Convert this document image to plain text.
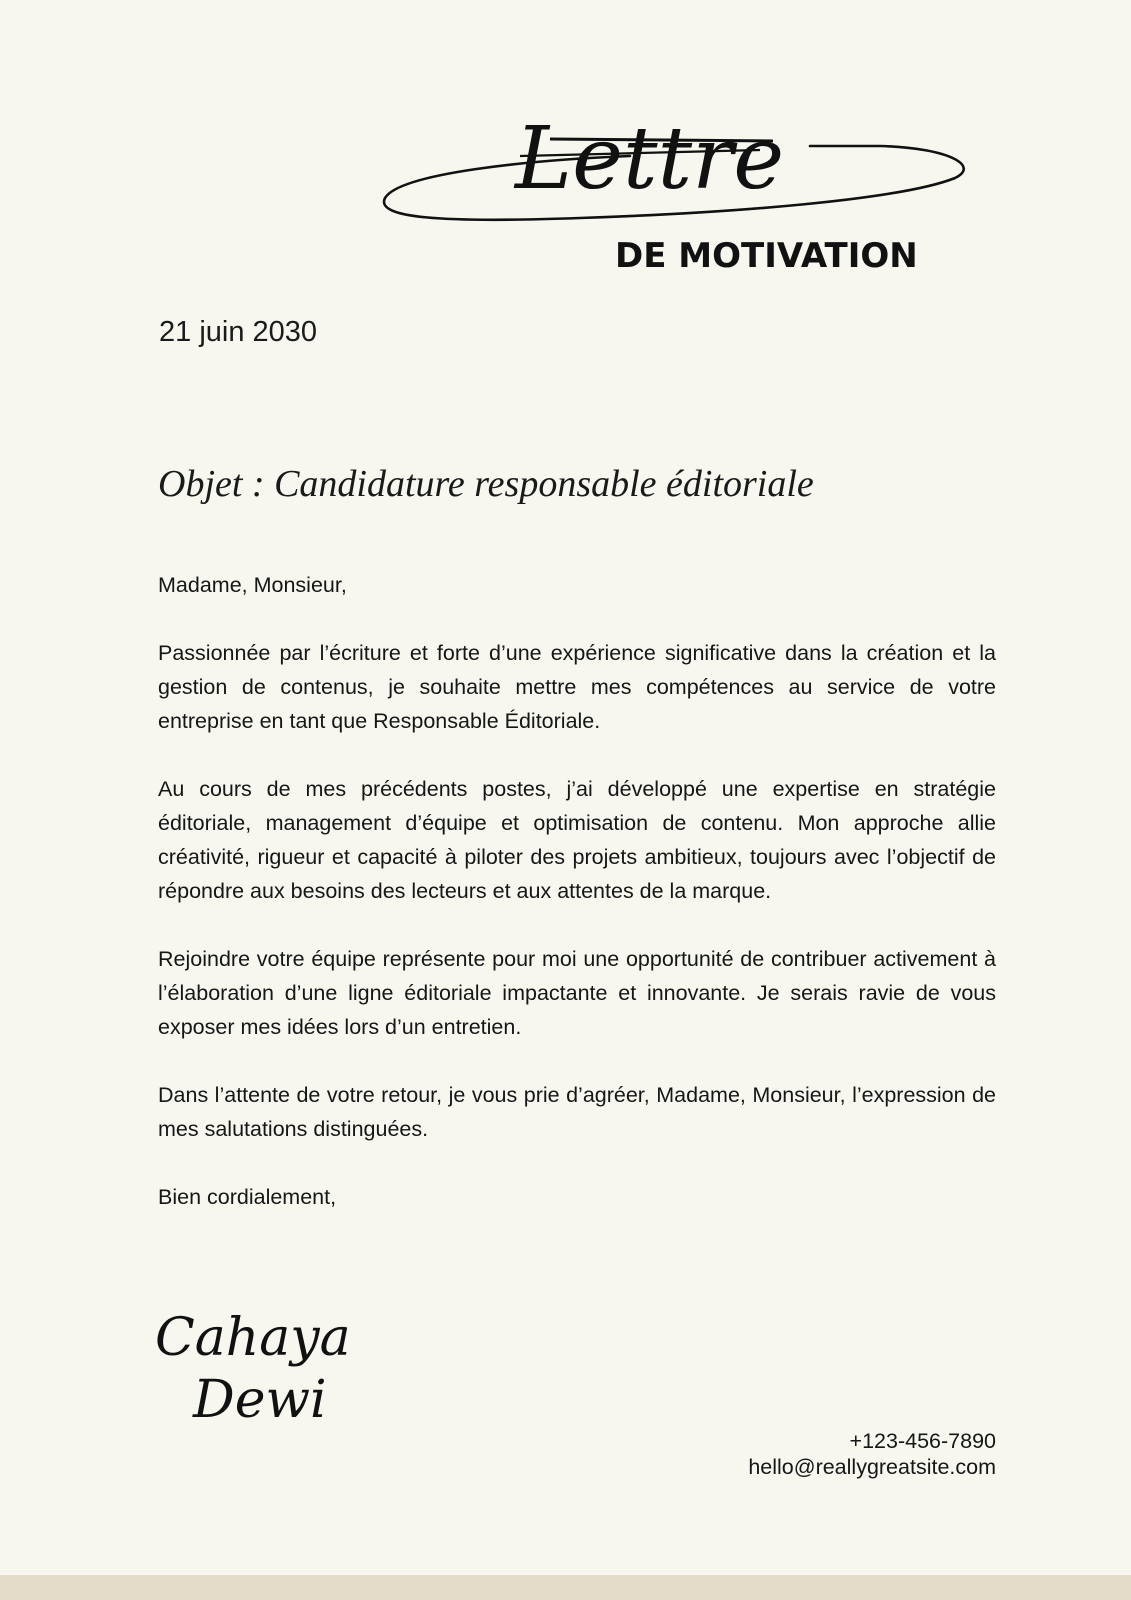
Lettre
DE MOTIVATION
21 juin 2030
Objet : Candidature responsable éditoriale

Madame, Monsieur,

Passionnée par l’écriture et forte d’une expérience significative dans la création et la gestion de contenus, je souhaite mettre mes compétences au service de votre entreprise en tant que Responsable Éditoriale.

Au cours de mes précédents postes, j’ai développé une expertise en stratégie éditoriale, management d’équipe et optimisation de contenu. Mon approche allie créativité, rigueur et capacité à piloter des projets ambitieux, toujours avec l’objectif de répondre aux besoins des lecteurs et aux attentes de la marque.

Rejoindre votre équipe représente pour moi une opportunité de contribuer activement à l’élaboration d’une ligne éditoriale impactante et innovante. Je serais ravie de vous exposer mes idées lors d’un entretien.

Dans l’attente de votre retour, je vous prie d’agréer, Madame, Monsieur, l’expression de mes salutations distinguées.

Bien cordialement,

Cahaya
Dewi
+123-456-7890
hello@reallygreatsite.com
